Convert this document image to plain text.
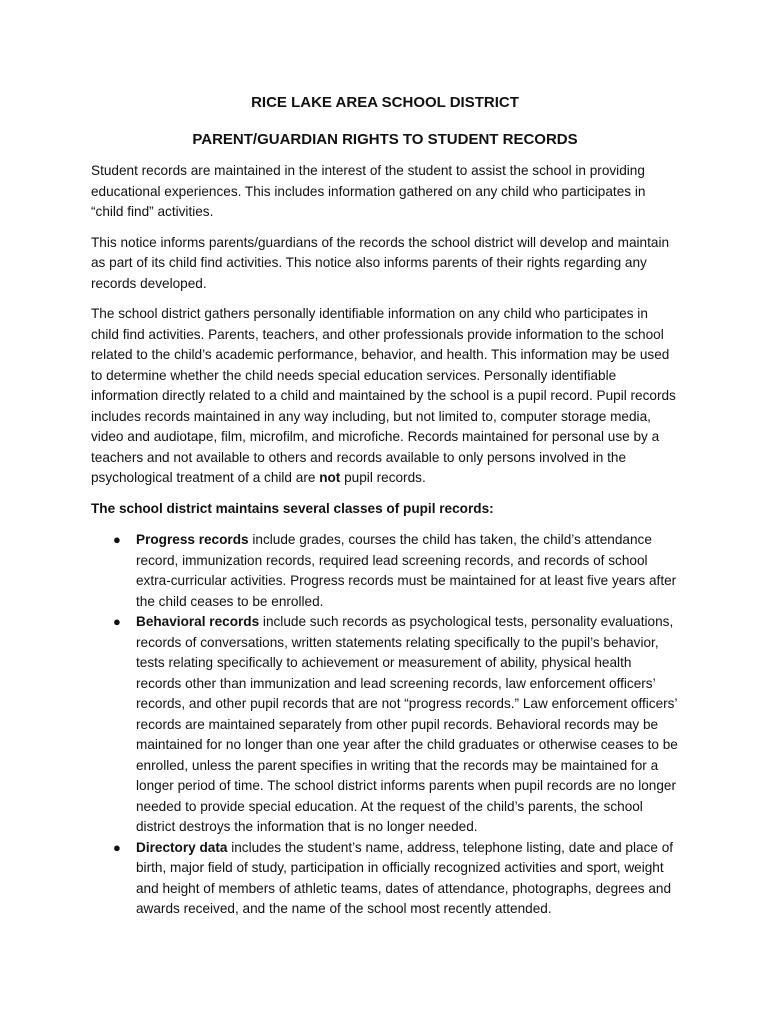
RICE LAKE AREA SCHOOL DISTRICT
PARENT/GUARDIAN RIGHTS TO STUDENT RECORDS

Student records are maintained in the interest of the student to assist the school in providing educational experiences. This includes information gathered on any child who participates in “child find” activities.

This notice informs parents/guardians of the records the school district will develop and maintain as part of its child find activities. This notice also informs parents of their rights regarding any records developed.

The school district gathers personally identifiable information on any child who participates in child find activities. Parents, teachers, and other professionals provide information to the school related to the child’s academic performance, behavior, and health. This information may be used to determine whether the child needs special education services. Personally identifiable information directly related to a child and maintained by the school is a pupil record. Pupil records includes records maintained in any way including, but not limited to, computer storage media, video and audiotape, film, microfilm, and microfiche. Records maintained for personal use by a teachers and not available to others and records available to only persons involved in the psychological treatment of a child are not pupil records.

The school district maintains several classes of pupil records:

● Progress records include grades, courses the child has taken, the child’s attendance record, immunization records, required lead screening records, and records of school extra-curricular activities. Progress records must be maintained for at least five years after the child ceases to be enrolled.
● Behavioral records include such records as psychological tests, personality evaluations, records of conversations, written statements relating specifically to the pupil’s behavior, tests relating specifically to achievement or measurement of ability, physical health records other than immunization and lead screening records, law enforcement officers’ records, and other pupil records that are not “progress records.” Law enforcement officers’ records are maintained separately from other pupil records. Behavioral records may be maintained for no longer than one year after the child graduates or otherwise ceases to be enrolled, unless the parent specifies in writing that the records may be maintained for a longer period of time. The school district informs parents when pupil records are no longer needed to provide special education. At the request of the child’s parents, the school district destroys the information that is no longer needed.
● Directory data includes the student’s name, address, telephone listing, date and place of birth, major field of study, participation in officially recognized activities and sport, weight and height of members of athletic teams, dates of attendance, photographs, degrees and awards received, and the name of the school most recently attended.
